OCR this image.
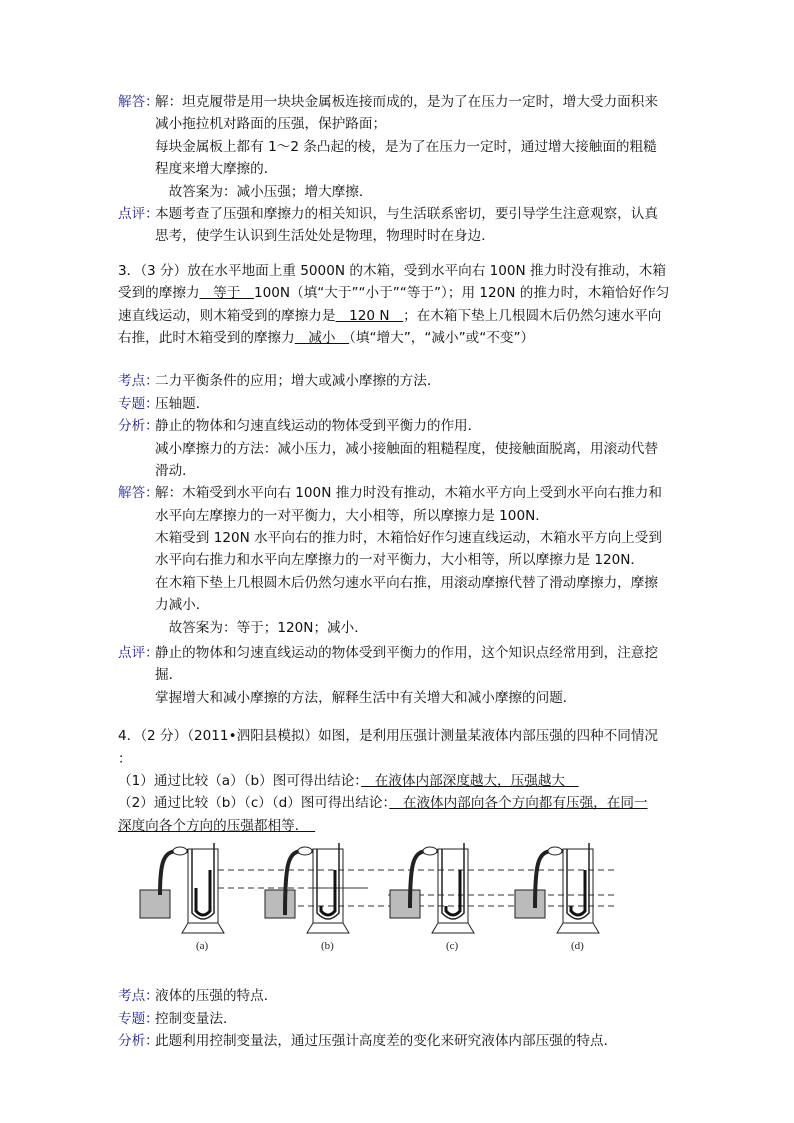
解答：
解：坦克履带是用一块块金属板连接而成的，是为了在压力一定时，增大受力面积来
减小拖拉机对路面的压强，保护路面；
每块金属板上都有 1～2 条凸起的棱，是为了在压力一定时，通过增大接触面的粗糙
程度来增大摩擦的．
　故答案为：减小压强；增大摩擦．
点评：
本题考查了压强和摩擦力的相关知识，与生活联系密切，要引导学生注意观察，认真
思考，使学生认识到生活处处是物理，物理时时在身边．
3．（3 分）放在水平地面上重 5000N 的木箱，受到水平向右 100N 推力时没有推动，木箱
受到的摩擦力　等于　100N（填“大于”“小于”“等于”）；用 120N 的推力时，木箱恰好作匀
速直线运动，则木箱受到的摩擦力是　120 N　；在木箱下垫上几根圆木后仍然匀速水平向
右推，此时木箱受到的摩擦力　减小　（填“增大”，“减小”或“不变”）
考点：
二力平衡条件的应用；增大或减小摩擦的方法．
专题：
压轴题．
分析：
静止的物体和匀速直线运动的物体受到平衡力的作用．
减小摩擦力的方法：减小压力，减小接触面的粗糙程度，使接触面脱离，用滚动代替
滑动．
解答：
解：木箱受到水平向右 100N 推力时没有推动，木箱水平方向上受到水平向右推力和
水平向左摩擦力的一对平衡力，大小相等，所以摩擦力是 100N．
木箱受到 120N 水平向右的推力时，木箱恰好作匀速直线运动，木箱水平方向上受到
水平向右推力和水平向左摩擦力的一对平衡力，大小相等，所以摩擦力是 120N．
在木箱下垫上几根圆木后仍然匀速水平向右推，用滚动摩擦代替了滑动摩擦力，摩擦
力减小．
　故答案为：等于；120N；减小．
点评：
静止的物体和匀速直线运动的物体受到平衡力的作用，这个知识点经常用到，注意挖
掘．
掌握增大和减小摩擦的方法，解释生活中有关增大和减小摩擦的问题．
4．（2 分）（2011•泗阳县模拟）如图，是利用压强计测量某液体内部压强的四种不同情况
：
（1）通过比较（a）（b）图可得出结论：　在液体内部深度越大，压强越大　
（2）通过比较（b）（c）（d）图可得出结论：　在液体内部向各个方向都有压强，在同一
深度向各个方向的压强都相等．　
(a)	(b)	(c)	(d)
考点：
液体的压强的特点．
专题：
控制变量法．
分析：
此题利用控制变量法，通过压强计高度差的变化来研究液体内部压强的特点．
